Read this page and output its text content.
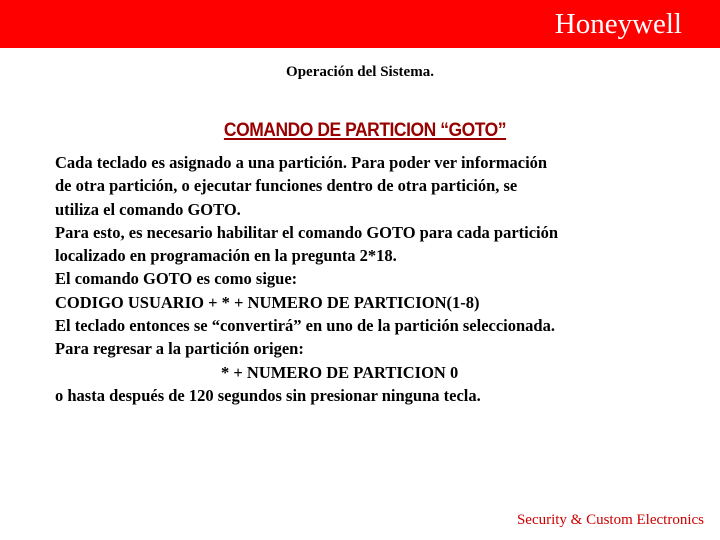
Honeywell
Operación del Sistema.
COMANDO DE PARTICION “GOTO”
Cada teclado es asignado a una partición. Para poder ver información
de otra partición, o ejecutar funciones dentro de otra partición, se
utiliza el comando GOTO.
Para esto, es necesario habilitar el comando GOTO para cada partición
localizado en programación en la pregunta 2*18.
El comando GOTO es como sigue:
CODIGO USUARIO + * + NUMERO DE PARTICION(1-8)
El teclado entonces se “convertirá” en uno de la partición seleccionada.
Para regresar a la partición origen:
* + NUMERO DE PARTICION 0
o hasta después de 120 segundos sin presionar ninguna tecla.
Security & Custom Electronics
